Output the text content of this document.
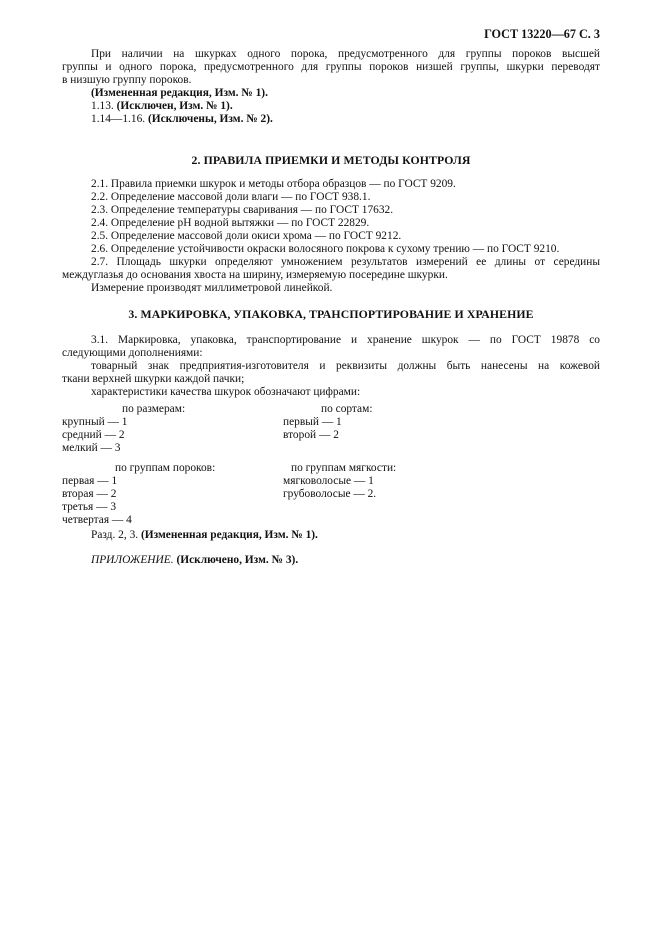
ГОСТ 13220—67 С. 3

При наличии на шкурках одного порока, предусмотренного для группы пороков высшей

группы и одного порока, предусмотренного для группы пороков низшей группы, шкурки переводят

в низшую группу пороков.

(Измененная редакция, Изм. № 1).

1.13. (Исключен, Изм. № 1).

1.14—1.16. (Исключены, Изм. № 2).

2. ПРАВИЛА ПРИЕМКИ И МЕТОДЫ КОНТРОЛЯ

2.1. Правила приемки шкурок и методы отбора образцов — по ГОСТ 9209.

2.2. Определение массовой доли влаги — по ГОСТ 938.1.

2.3. Определение температуры сваривания — по ГОСТ 17632.

2.4. Определение pH водной вытяжки — по ГОСТ 22829.

2.5. Определение массовой доли окиси хрома — по ГОСТ 9212.

2.6. Определение устойчивости окраски волосяного покрова к сухому трению — по ГОСТ 9210.

2.7. Площадь шкурки определяют умножением результатов измерений ее длины от середины

междуглазья до основания хвоста на ширину, измеряемую посередине шкурки.

Измерение производят миллиметровой линейкой.

3. МАРКИРОВКА, УПАКОВКА, ТРАНСПОРТИРОВАНИЕ И ХРАНЕНИЕ

3.1. Маркировка, упаковка, транспортирование и хранение шкурок — по ГОСТ 19878 со

следующими дополнениями:

товарный знак предприятия-изготовителя и реквизиты должны быть нанесены на кожевой

ткани верхней шкурки каждой пачки;

характеристики качества шкурок обозначают цифрами:

по размерам:	по сортам:
крупный — 1	первый — 1
средний — 2	второй — 2
мелкий — 3
по группам пороков:	по группам мягкости:
первая — 1	мягковолосые — 1
вторая — 2	грубоволосые — 2.
третья — 3
четвертая — 4

Разд. 2, 3. (Измененная редакция, Изм. № 1).

ПРИЛОЖЕНИЕ. (Исключено, Изм. № 3).
